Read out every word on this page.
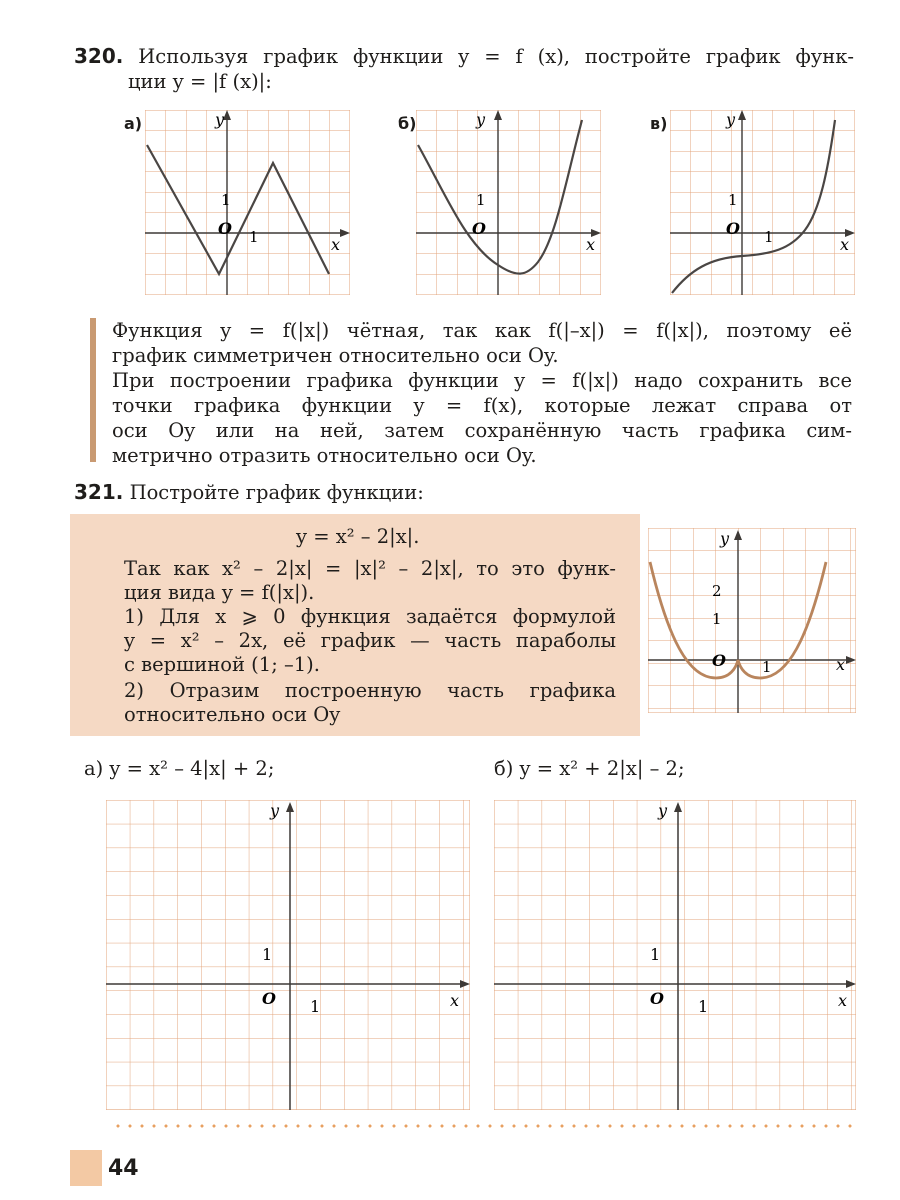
320. Используя график функции y = f (x), постройте график функ-
ции y = |f (x)|:
а)	y
x
O 1
1
б)	y
x
O
1
в)	y
x
O 1
1
Функция y = f(|x|) чётная, так как f(|–x|) = f(|x|), поэтому её
график симметричен относительно оси Oy.
При построении графика функции y = f(|x|) надо сохранить все
точки графика функции y = f(x), которые лежат справа от
оси Oy или на ней, затем сохранённую часть графика сим-
метрично отразить относительно оси Oy.
321. Постройте график функции:
y = x² – 2|x|.
Так как x² – 2|x| = |x|² – 2|x|, то это функ-
ция вида y = f(|x|).
1) Для x ⩾ 0 функция задаётся формулой
y = x² – 2x, её график — часть параболы
с вершиной (1; –1).
2) Отразим построенную часть графика
относительно оси Oy
y
x
O 1
1
2
а) y = x² – 4|x| + 2;	б) y = x² + 2|x| – 2;
y
x
O 1
1
y
x
O 1
1
44
